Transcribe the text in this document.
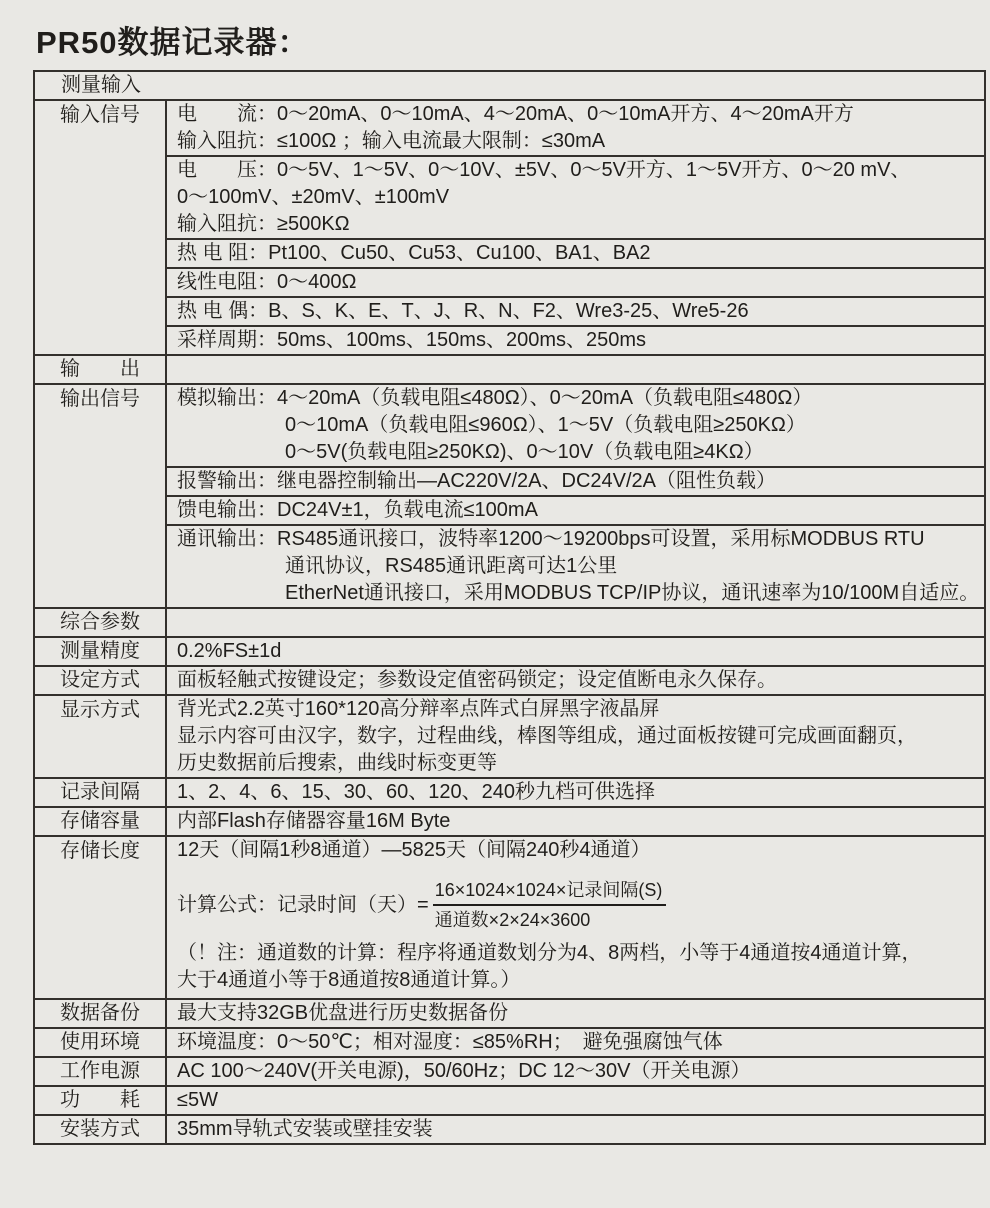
PR50数据记录器：
测量输入
输入信号	电　　流：0～20mA、0～10mA、4～20mA、0～10mA开方、4～20mA开方
输入阻抗：≤100Ω ；输入电流最大限制：≤30mA
电　　压：0～5V、1～5V、0～10V、±5V、0～5V开方、1～5V开方、0～20 mV、
0～100mV、±20mV、±100mV
输入阻抗：≥500KΩ
热 电 阻：Pt100、Cu50、Cu53、Cu100、BA1、BA2
线性电阻：0～400Ω
热 电 偶：B、S、K、E、T、J、R、N、F2、Wre3-25、Wre5-26
采样周期：50ms、100ms、150ms、200ms、250ms
输　　出
输出信号	模拟输出：4～20mA（负载电阻≤480Ω）、0～20mA（负载电阻≤480Ω）
0～10mA（负载电阻≤960Ω）、1～5V（负载电阻≥250KΩ）
0～5V(负载电阻≥250KΩ)、0～10V（负载电阻≥4KΩ）
报警输出：继电器控制输出—AC220V/2A、DC24V/2A（阻性负载）
馈电输出：DC24V±1，负载电流≤100mA
通讯输出：RS485通讯接口，波特率1200～19200bps可设置，采用标MODBUS RTU
通讯协议，RS485通讯距离可达1公里
EtherNet通讯接口，采用MODBUS TCP/IP协议，通讯速率为10/100M自适应。
综合参数
测量精度	0.2%FS±1d
设定方式	面板轻触式按键设定；参数设定值密码锁定；设定值断电永久保存。
显示方式	背光式2.2英寸160*120高分辩率点阵式白屏黑字液晶屏
显示内容可由汉字，数字，过程曲线，棒图等组成，通过面板按键可完成画面翻页，
历史数据前后搜索，曲线时标变更等
记录间隔	1、2、4、6、15、30、60、120、240秒九档可供选择
存储容量	内部Flash存储器容量16M Byte
存储长度	12天（间隔1秒8通道）—5825天（间隔240秒4通道）
计算公式：记录时间（天）= $\frac{\text{16×1024×1024×记录间隔(S)}}{\text{通道数×2×24×3600}}$
（！注：通道数的计算：程序将通道数划分为4、8两档，小等于4通道按4通道计算，
大于4通道小等于8通道按8通道计算。）
数据备份	最大支持32GB优盘进行历史数据备份
使用环境	环境温度：0～50℃；相对湿度：≤85%RH；　避免强腐蚀气体
工作电源	AC 100～240V(开关电源)，50/60Hz；DC 12～30V（开关电源）
功　　耗	≤5W
安装方式	35mm导轨式安装或壁挂安装
